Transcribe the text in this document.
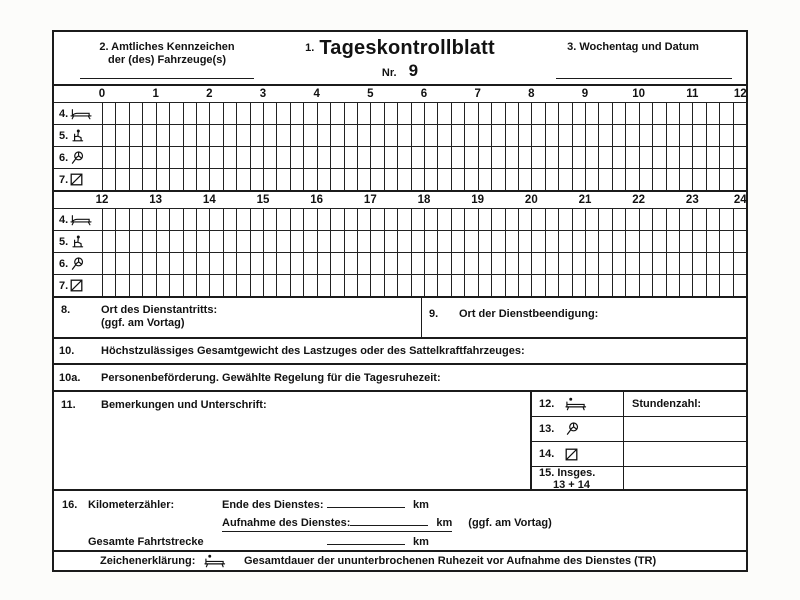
2. Amtliches Kennzeichen
der (des) Fahrzeuge(s)
1. Tageskontrollblatt
Nr. 9
3. Wochentag und Datum
0	1	2	3	4	5	6	7	8	9	10	11	12
4.
5.
6.
7.
12	13	14	15	16	17	18	19	20	21	22	23	24
4.
5.
6.
7.
8.	Ort des Dienstantritts:
(ggf. am Vortag)
9. Ort der Dienstbeendigung:
10. Höchstzulässiges Gesamtgewicht des Lastzuges oder des Sattelkraftfahrzeuges:
10a. Personenbeförderung. Gewählte Regelung für die Tagesruhezeit:
11. Bemerkungen und Unterschrift:	12.	Stundenzahl:
13.
14.
15. Insges.
13 + 14
16. Kilometerzähler:	Ende des Dienstes:	km
Aufnahme des Dienstes:	km (ggf. am Vortag)
Gesamte Fahrtstrecke	km
Zeichenerklärung:	Gesamtdauer der ununterbrochenen Ruhezeit vor Aufnahme des Dienstes (TR)
